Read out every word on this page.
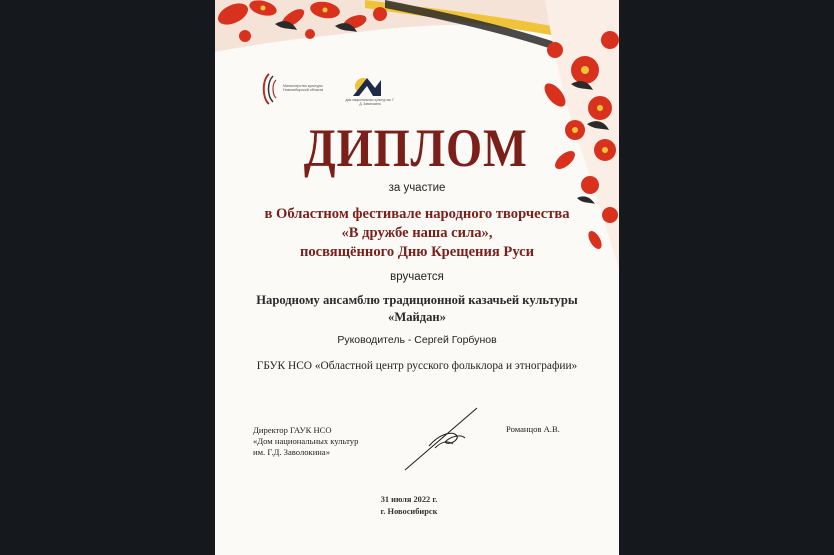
Министерство культуры Новосибирской области
дом национальных культур им. Г. Д. Заволокина
ДИПЛОМ
за участие
в Областном фестивале народного творчества
«В дружбе наша сила»,
посвящённого Дню Крещения Руси
вручается
Народному ансамблю традиционной казачьей культуры
«Майдан»
Руководитель - Сергей Горбунов
ГБУК НСО «Областной центр русского фольклора и этнографии»
Директор ГАУК НСО
«Дом национальных культур
им. Г.Д. Заволокина»
Романцов А.В.
31 июля 2022 г.
г. Новосибирск
